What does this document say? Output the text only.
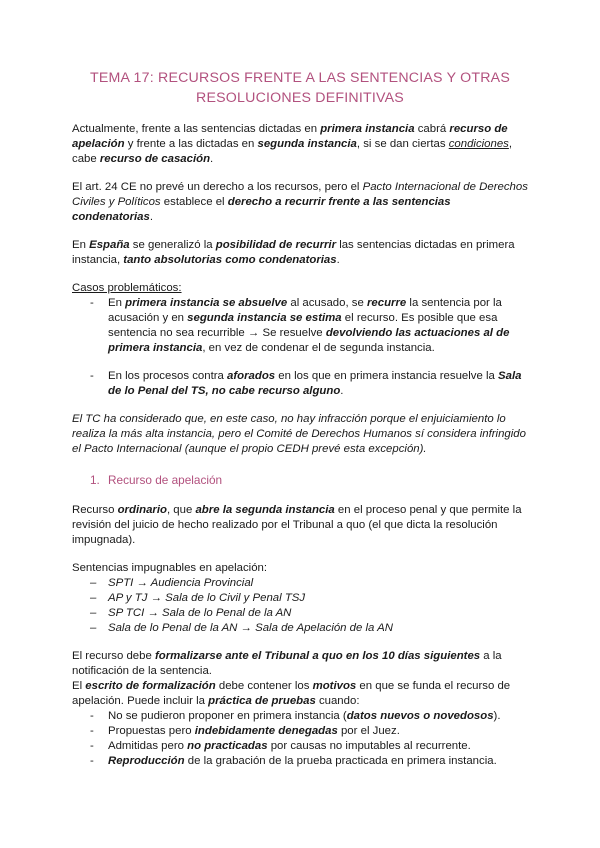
TEMA 17: RECURSOS FRENTE A LAS SENTENCIAS Y OTRAS
RESOLUCIONES DEFINITIVAS

Actualmente, frente a las sentencias dictadas en primera instancia cabrá recurso de apelación y frente a las dictadas en segunda instancia, si se dan ciertas condiciones, cabe recurso de casación.

El art. 24 CE no prevé un derecho a los recursos, pero el Pacto Internacional de Derechos Civiles y Políticos establece el derecho a recurrir frente a las sentencias condenatorias.

En España se generalizó la posibilidad de recurrir las sentencias dictadas en primera instancia, tanto absolutorias como condenatorias.

Casos problemáticos:
- En primera instancia se absuelve al acusado, se recurre la sentencia por la acusación y en segunda instancia se estima el recurso. Es posible que esa sentencia no sea recurrible → Se resuelve devolviendo las actuaciones al de primera instancia, en vez de condenar el de segunda instancia.
- En los procesos contra aforados en los que en primera instancia resuelve la Sala de lo Penal del TS, no cabe recurso alguno.

El TC ha considerado que, en este caso, no hay infracción porque el enjuiciamiento lo realiza la más alta instancia, pero el Comité de Derechos Humanos sí considera infringido el Pacto Internacional (aunque el propio CEDH prevé esta excepción).

1. Recurso de apelación

Recurso ordinario, que abre la segunda instancia en el proceso penal y que permite la revisión del juicio de hecho realizado por el Tribunal a quo (el que dicta la resolución impugnada).

Sentencias impugnables en apelación:
– SPTI → Audiencia Provincial
– AP y TJ → Sala de lo Civil y Penal TSJ
– SP TCI → Sala de lo Penal de la AN
– Sala de lo Penal de la AN → Sala de Apelación de la AN

El recurso debe formalizarse ante el Tribunal a quo en los 10 días siguientes a la notificación de la sentencia.

El escrito de formalización debe contener los motivos en que se funda el recurso de apelación. Puede incluir la práctica de pruebas cuando:

- No se pudieron proponer en primera instancia (datos nuevos o novedosos).
- Propuestas pero indebidamente denegadas por el Juez.
- Admitidas pero no practicadas por causas no imputables al recurrente.
- Reproducción de la grabación de la prueba practicada en primera instancia.
